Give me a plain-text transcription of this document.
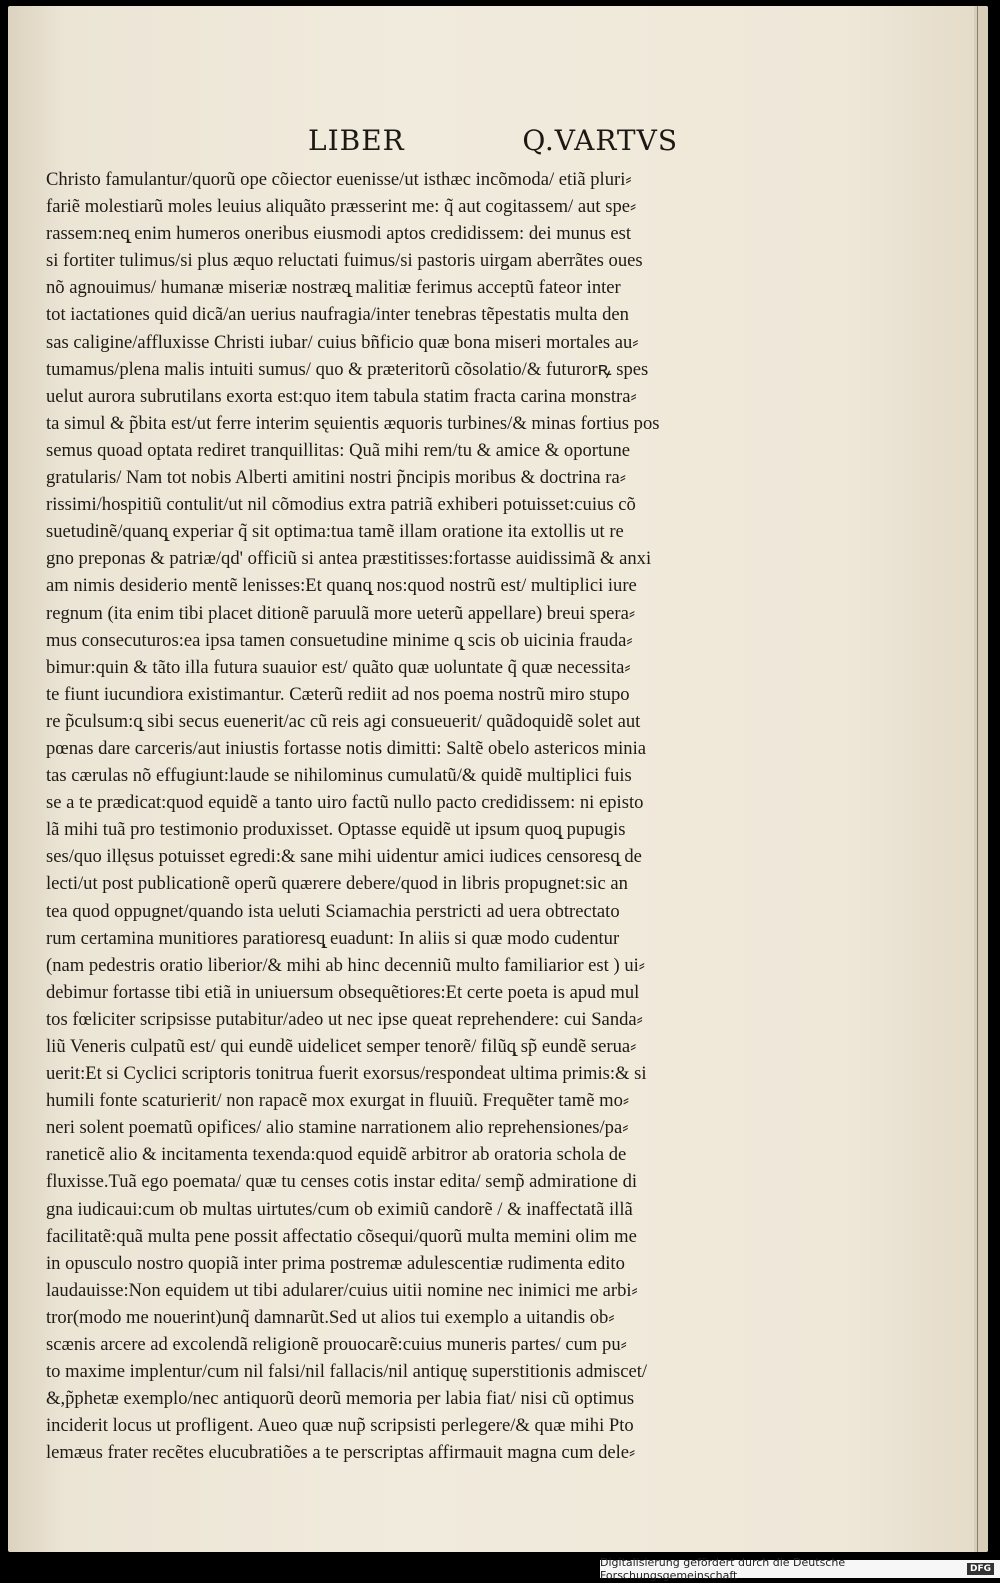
LIBER	Q.VARTVS
Christo famulantur/quorũ ope cõiector euenisse/ut isthæc incõmoda/ etiã pluri⸗
fariẽ molestiarũ moles leuius aliquãto præsserint me: q̃ aut cogitassem/ aut spe⸗
rassem:neq̨ enim humeros oneribus eiusmodi aptos credidissem: dei munus est
si fortiter tulimus/si plus æquo reluctati fuimus/si pastoris uirgam aberrãtes oues
nõ agnouimus/ humanæ miseriæ nostræq̨ malitiæ ferimus acceptũ fateor inter
tot iactationes quid dicã/an uerius naufragia/inter tenebras tẽpestatis multa den
sas caligine/affluxisse Christi iubar/ cuius bñficio quæ bona miseri mortales au⸗
tumamus/plena malis intuiti sumus/ quo & præteritorũ cõsolatio/& futurorꝶ spes
uelut aurora subrutilans exorta est:quo item tabula statim fracta carina monstra⸗
ta simul & p̃bita est/ut ferre interim sęuientis æquoris turbines/& minas fortius pos
semus quoad optata rediret tranquillitas: Quã mihi rem/tu & amice & oportune
gratularis/ Nam tot nobis Alberti amitini nostri p̃ncipis moribus & doctrina ra⸗
rissimi/hospitiũ contulit/ut nil cõmodius extra patriã exhiberi potuisset:cuius cõ
suetudinẽ/quanq̨ experiar q̃ sit optima:tua tamẽ illam oratione ita extollis ut re
gno preponas & patriæ/qd' officiũ si antea præstitisses:fortasse auidissimã & anxi
am nimis desiderio mentẽ lenisses:Et quanq̨ nos:quod nostrũ est/ multiplici iure
regnum (ita enim tibi placet ditionẽ paruulã more ueterũ appellare) breui spera⸗
mus consecuturos:ea ipsa tamen consuetudine minime q̨ scis ob uicinia frauda⸗
bimur:quin & tãto illa futura suauior est/ quãto quæ uoluntate q̃ quæ necessita⸗
te fiunt iucundiora existimantur. Cæterũ rediit ad nos poema nostrũ miro stupo
re p̃culsum:q̨ sibi secus euenerit/ac cũ reis agi consueuerit/ quãdoquidẽ solet aut
pœnas dare carceris/aut iniustis fortasse notis dimitti: Saltẽ obelo astericos minia
tas cærulas nõ effugiunt:laude se nihilominus cumulatũ/& quidẽ multiplici fuis
se a te prædicat:quod equidẽ a tanto uiro factũ nullo pacto credidissem: ni episto
lã mihi tuã pro testimonio produxisset. Optasse equidẽ ut ipsum quoq̨ pupugis
ses/quo illęsus potuisset egredi:& sane mihi uidentur amici iudices censoresq̨ de
lecti/ut post publicationẽ operũ quærere debere/quod in libris propugnet:sic an
tea quod oppugnet/quando ista ueluti Sciamachia perstricti ad uera obtrectato
rum certamina munitiores paratioresq̨ euadunt: In aliis si quæ modo cudentur
(nam pedestris oratio liberior/& mihi ab hinc decenniũ multo familiarior est ) ui⸗
debimur fortasse tibi etiã in uniuersum obsequẽtiores:Et certe poeta is apud mul
tos fœliciter scripsisse putabitur/adeo ut nec ipse queat reprehendere: cui Sanda⸗
liũ Veneris culpatũ est/ qui eundẽ uidelicet semper tenorẽ/ filũq̨ sp̃ eundẽ serua⸗
uerit:Et si Cyclici scriptoris tonitrua fuerit exorsus/respondeat ultima primis:& si
humili fonte scaturierit/ non rapacẽ mox exurgat in fluuiũ. Frequẽter tamẽ mo⸗
neri solent poematũ opifices/ alio stamine narrationem alio reprehensiones/pa⸗
raneticẽ alio & incitamenta texenda:quod equidẽ arbitror ab oratoria schola de
fluxisse.Tuã ego poemata/ quæ tu censes cotis instar edita/ semp̃ admiratione di
gna iudicaui:cum ob multas uirtutes/cum ob eximiũ candorẽ / & inaffectatã illã
facilitatẽ:quã multa pene possit affectatio cõsequi/quorũ multa memini olim me
in opusculo nostro quopiã inter prima postremæ adulescentiæ rudimenta edito
laudauisse:Non equidem ut tibi adularer/cuius uitii nomine nec inimici me arbi⸗
tror(modo me nouerint)unq̃ damnarũt.Sed ut alios tui exemplo a uitandis ob⸗
scænis arcere ad excolendã religionẽ prouocarẽ:cuius muneris partes/ cum pu⸗
to maxime implentur/cum nil falsi/nil fallacis/nil antiquę superstitionis admiscet/
&,p̃phetæ exemplo/nec antiquorũ deorũ memoria per labia fiat/ nisi cũ optimus
inciderit locus ut profligent. Aueo quæ nup̃ scripsisti perlegere/& quæ mihi Pto
lemæus frater recẽtes elucubratiões a te perscriptas affirmauit magna cum dele⸗
Digitalisierung gefördert durch die Deutsche Forschungsgemeinschaft	DFG
